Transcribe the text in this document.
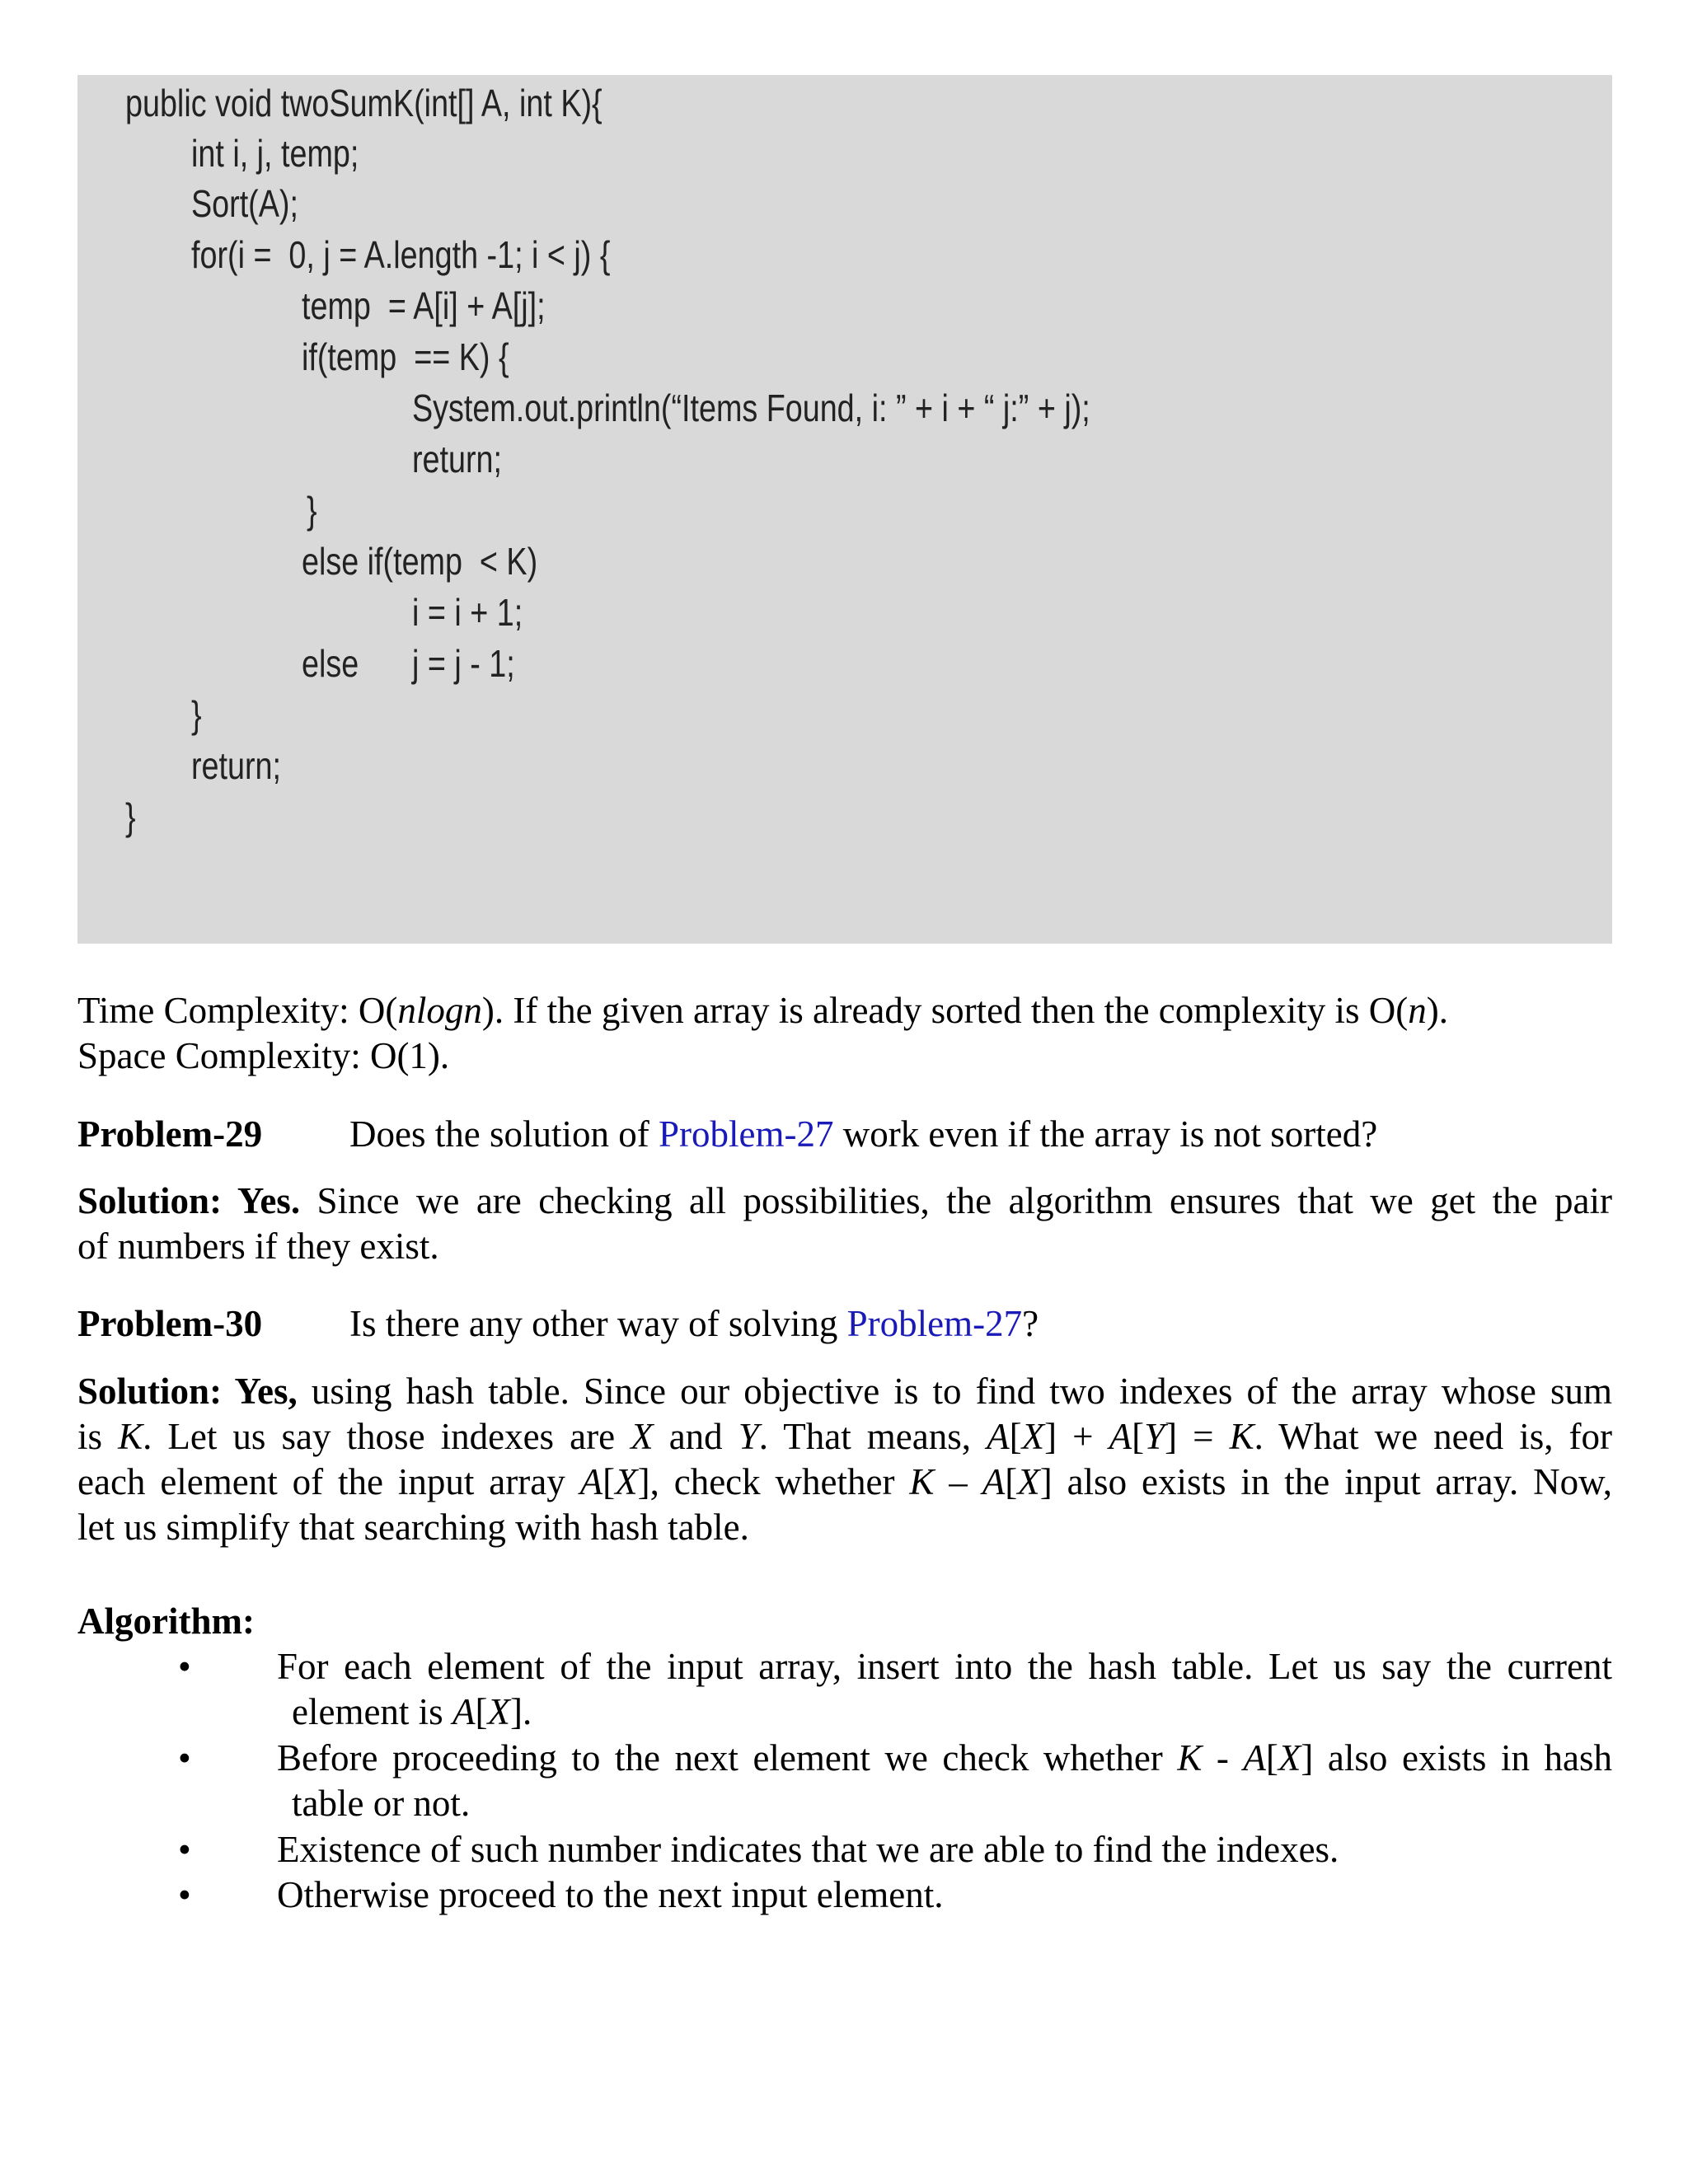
public void twoSumK(int[] A, int K){
int i, j, temp;
Sort(A);
for(i =  0, j = A.length -1; i < j) {
temp  = A[i] + A[j];
if(temp  == K) {
System.out.println(“Items Found, i: ” + i + “ j:” + j);
return;
}
else if(temp  < K)
i = i + 1;
else j = j - 1;
}
return;
}
Time Complexity: O(nlogn). If the given array is already sorted then the complexity is O(n).
Space Complexity: O(1).
Problem-29 Does the solution of Problem-27 work even if the array is not sorted?
Solution: Yes. Since we are checking all possibilities, the algorithm ensures that we get the pair
of numbers if they exist.
Problem-30 Is there any other way of solving Problem-27?
Solution: Yes, using hash table. Since our objective is to find two indexes of the array whose sum
is K. Let us say those indexes are X and Y. That means, A[X] + A[Y] = K. What we need is, for
each element of the input array A[X], check whether K – A[X] also exists in the input array. Now,
let us simplify that searching with hash table.
Algorithm:
• For each element of the input array, insert into the hash table. Let us say the current
element is A[X].
• Before proceeding to the next element we check whether K - A[X] also exists in hash
table or not.
• Existence of such number indicates that we are able to find the indexes.
• Otherwise proceed to the next input element.
